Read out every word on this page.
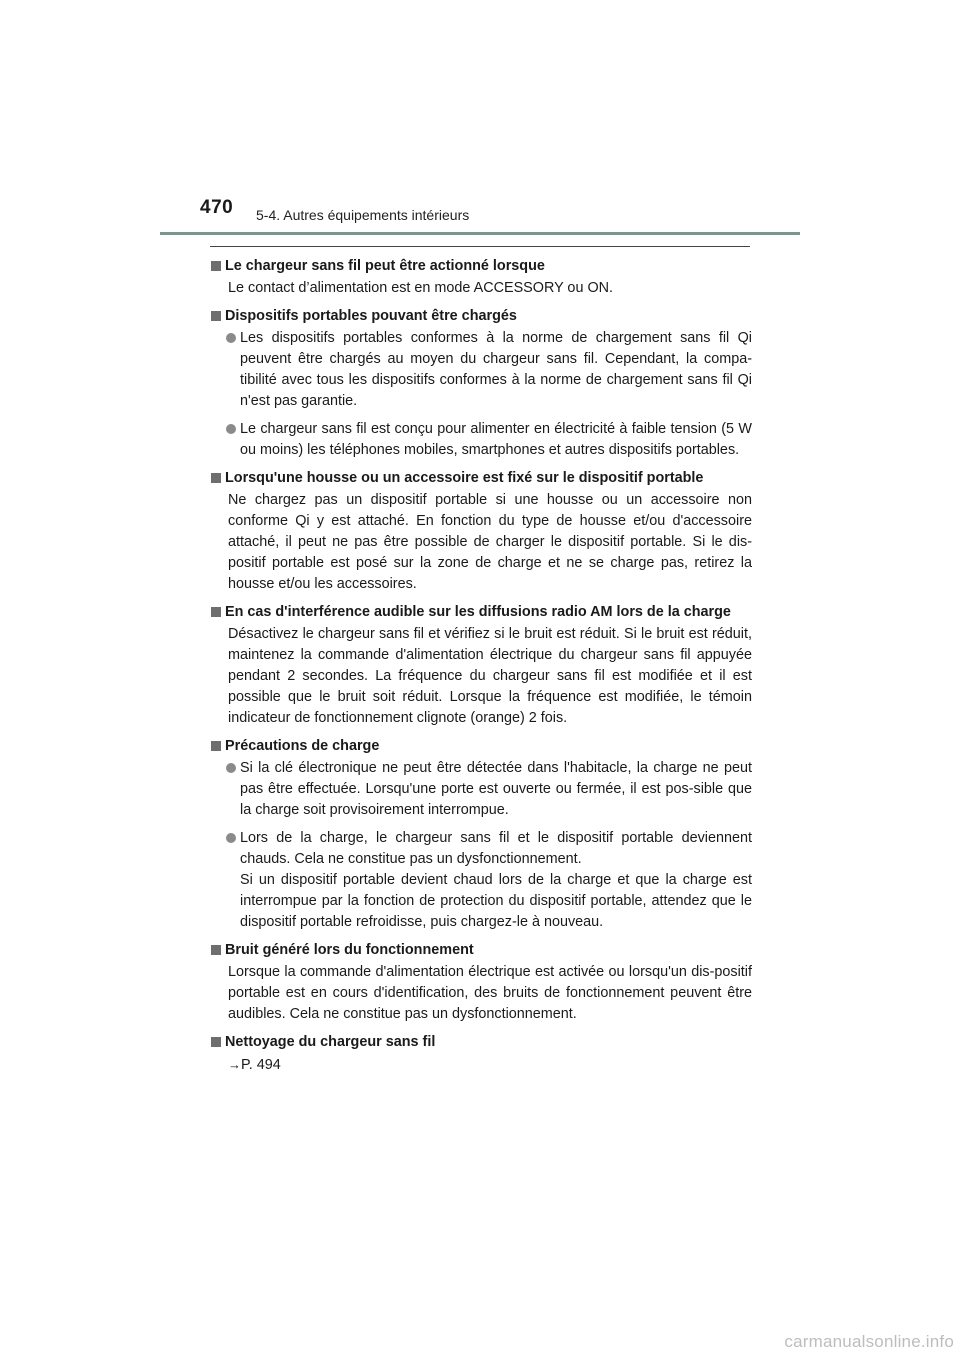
470 5-4. Autres équipements intérieurs
Le chargeur sans fil peut être actionné lorsque
Le contact d’alimentation est en mode ACCESSORY ou ON.
Dispositifs portables pouvant être chargés
Les dispositifs portables conformes à la norme de chargement sans fil Qi peuvent être chargés au moyen du chargeur sans fil. Cependant, la compa-tibilité avec tous les dispositifs conformes à la norme de chargement sans fil Qi n'est pas garantie.
Le chargeur sans fil est conçu pour alimenter en électricité à faible tension (5 W ou moins) les téléphones mobiles, smartphones et autres dispositifs portables.
Lorsqu'une housse ou un accessoire est fixé sur le dispositif portable
Ne chargez pas un dispositif portable si une housse ou un accessoire non conforme Qi y est attaché. En fonction du type de housse et/ou d'accessoire attaché, il peut ne pas être possible de charger le dispositif portable. Si le dis-positif portable est posé sur la zone de charge et ne se charge pas, retirez la housse et/ou les accessoires.
En cas d'interférence audible sur les diffusions radio AM lors de la charge
Désactivez le chargeur sans fil et vérifiez si le bruit est réduit. Si le bruit est réduit, maintenez la commande d'alimentation électrique du chargeur sans fil appuyée pendant 2 secondes. La fréquence du chargeur sans fil est modifiée et il est possible que le bruit soit réduit. Lorsque la fréquence est modifiée, le témoin indicateur de fonctionnement clignote (orange) 2 fois.
Précautions de charge
Si la clé électronique ne peut être détectée dans l'habitacle, la charge ne peut pas être effectuée. Lorsqu'une porte est ouverte ou fermée, il est pos-sible que la charge soit provisoirement interrompue.
Lors de la charge, le chargeur sans fil et le dispositif portable deviennent chauds. Cela ne constitue pas un dysfonctionnement.
Si un dispositif portable devient chaud lors de la charge et que la charge est interrompue par la fonction de protection du dispositif portable, attendez que le dispositif portable refroidisse, puis chargez-le à nouveau.
Bruit généré lors du fonctionnement
Lorsque la commande d'alimentation électrique est activée ou lorsqu'un dis-positif portable est en cours d'identification, des bruits de fonctionnement peuvent être audibles. Cela ne constitue pas un dysfonctionnement.
Nettoyage du chargeur sans fil
→P. 494
carmanualsonline.info
